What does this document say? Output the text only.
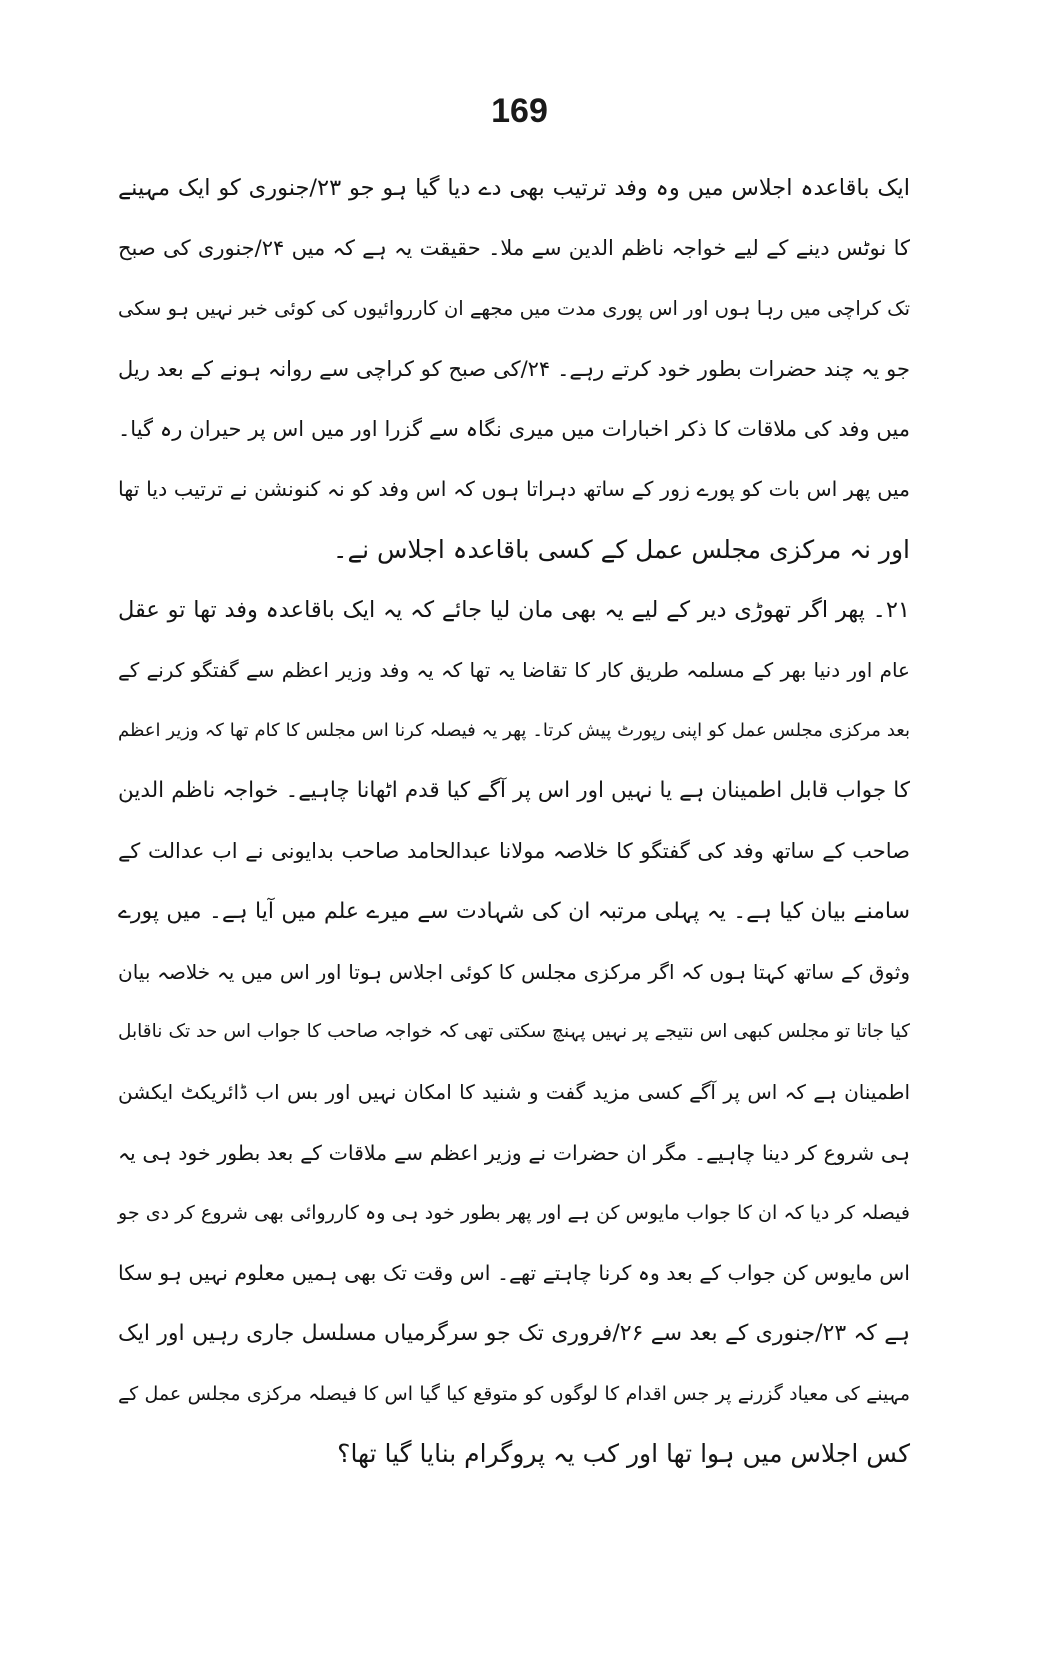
169
ایک باقاعدہ اجلاس میں وہ وفد ترتیب بھی دے دیا گیا ہو جو ۲۳/جنوری کو ایک مہینے
کا نوٹس دینے کے لیے خواجہ ناظم الدین سے ملا۔ حقیقت یہ ہے کہ میں ۲۴/جنوری کی صبح
تک کراچی میں رہا ہوں اور اس پوری مدت میں مجھے ان کارروائیوں کی کوئی خبر نہیں ہو سکی
جو یہ چند حضرات بطور خود کرتے رہے۔ ۲۴/کی صبح کو کراچی سے روانہ ہونے کے بعد ریل
میں وفد کی ملاقات کا ذکر اخبارات میں میری نگاہ سے گزرا اور میں اس پر حیران رہ گیا۔
میں پھر اس بات کو پورے زور کے ساتھ دہراتا ہوں کہ اس وفد کو نہ کنونشن نے ترتیب دیا تھا
اور نہ مرکزی مجلس عمل کے کسی باقاعدہ اجلاس نے۔
۲۱۔ پھر اگر تھوڑی دیر کے لیے یہ بھی مان لیا جائے کہ یہ ایک باقاعدہ وفد تھا تو عقل
عام اور دنیا بھر کے مسلمہ طریق کار کا تقاضا یہ تھا کہ یہ وفد وزیر اعظم سے گفتگو کرنے کے
بعد مرکزی مجلس عمل کو اپنی رپورٹ پیش کرتا۔ پھر یہ فیصلہ کرنا اس مجلس کا کام تھا کہ وزیر اعظم
کا جواب قابل اطمینان ہے یا نہیں اور اس پر آگے کیا قدم اٹھانا چاہیے۔ خواجہ ناظم الدین
صاحب کے ساتھ وفد کی گفتگو کا خلاصہ مولانا عبدالحامد صاحب بدایونی نے اب عدالت کے
سامنے بیان کیا ہے۔ یہ پہلی مرتبہ ان کی شہادت سے میرے علم میں آیا ہے۔ میں پورے
وثوق کے ساتھ کہتا ہوں کہ اگر مرکزی مجلس کا کوئی اجلاس ہوتا اور اس میں یہ خلاصہ بیان
کیا جاتا تو مجلس کبھی اس نتیجے پر نہیں پہنچ سکتی تھی کہ خواجہ صاحب کا جواب اس حد تک ناقابل
اطمینان ہے کہ اس پر آگے کسی مزید گفت و شنید کا امکان نہیں اور بس اب ڈائریکٹ ایکشن
ہی شروع کر دینا چاہیے۔ مگر ان حضرات نے وزیر اعظم سے ملاقات کے بعد بطور خود ہی یہ
فیصلہ کر دیا کہ ان کا جواب مایوس کن ہے اور پھر بطور خود ہی وہ کارروائی بھی شروع کر دی جو
اس مایوس کن جواب کے بعد وہ کرنا چاہتے تھے۔ اس وقت تک بھی ہمیں معلوم نہیں ہو سکا
ہے کہ ۲۳/جنوری کے بعد سے ۲۶/فروری تک جو سرگرمیاں مسلسل جاری رہیں اور ایک
مہینے کی معیاد گزرنے پر جس اقدام کا لوگوں کو متوقع کیا گیا اس کا فیصلہ مرکزی مجلس عمل کے
کس اجلاس میں ہوا تھا اور کب یہ پروگرام بنایا گیا تھا؟
